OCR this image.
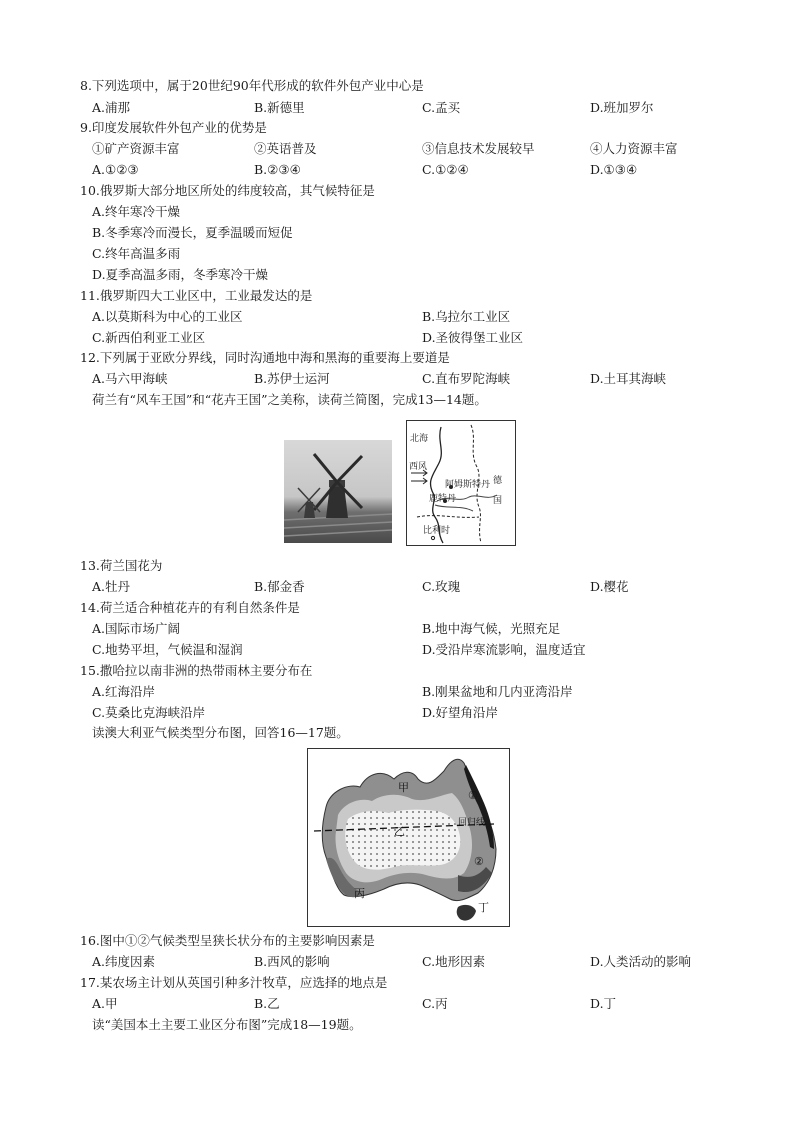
8.下列选项中，属于20世纪90年代形成的软件外包产业中心是
A.浦那	B.新德里	C.孟买	D.班加罗尔
9.印度发展软件外包产业的优势是
①矿产资源丰富	②英语普及	③信息技术发展较早	④人力资源丰富
A.①②③	B.②③④	C.①②④	D.①③④
10.俄罗斯大部分地区所处的纬度较高，其气候特征是
A.终年寒冷干燥
B.冬季寒冷而漫长，夏季温暖而短促
C.终年高温多雨
D.夏季高温多雨，冬季寒冷干燥
11.俄罗斯四大工业区中，工业最发达的是
A.以莫斯科为中心的工业区	B.乌拉尔工业区
C.新西伯利亚工业区	D.圣彼得堡工业区
12.下列属于亚欧分界线，同时沟通地中海和黑海的重要海上要道是
A.马六甲海峡	B.苏伊士运河	C.直布罗陀海峡	D.土耳其海峡
荷兰有“风车王国”和“花卉王国”之美称，读荷兰简图，完成13—14题。
北海
西风
阿姆斯特丹
鹿特丹
德
国
比利时
13.荷兰国花为
A.牡丹	B.郁金香	C.玫瑰	D.樱花
14.荷兰适合种植花卉的有利自然条件是
A.国际市场广阔	B.地中海气候，光照充足
C.地势平坦，气候温和湿润	D.受沿岸寒流影响，温度适宜
15.撒哈拉以南非洲的热带雨林主要分布在
A.红海沿岸	B.刚果盆地和几内亚湾沿岸
C.莫桑比克海峡沿岸	D.好望角沿岸
读澳大利亚气候类型分布图，回答16—17题。
甲
乙
丙
丁
①
②
回归线
16.图中①②气候类型呈狭长状分布的主要影响因素是
A.纬度因素	B.西风的影响	C.地形因素	D.人类活动的影响
17.某农场主计划从英国引种多汁牧草，应选择的地点是
A.甲	B.乙	C.丙	D.丁
读“美国本土主要工业区分布图”完成18—19题。
